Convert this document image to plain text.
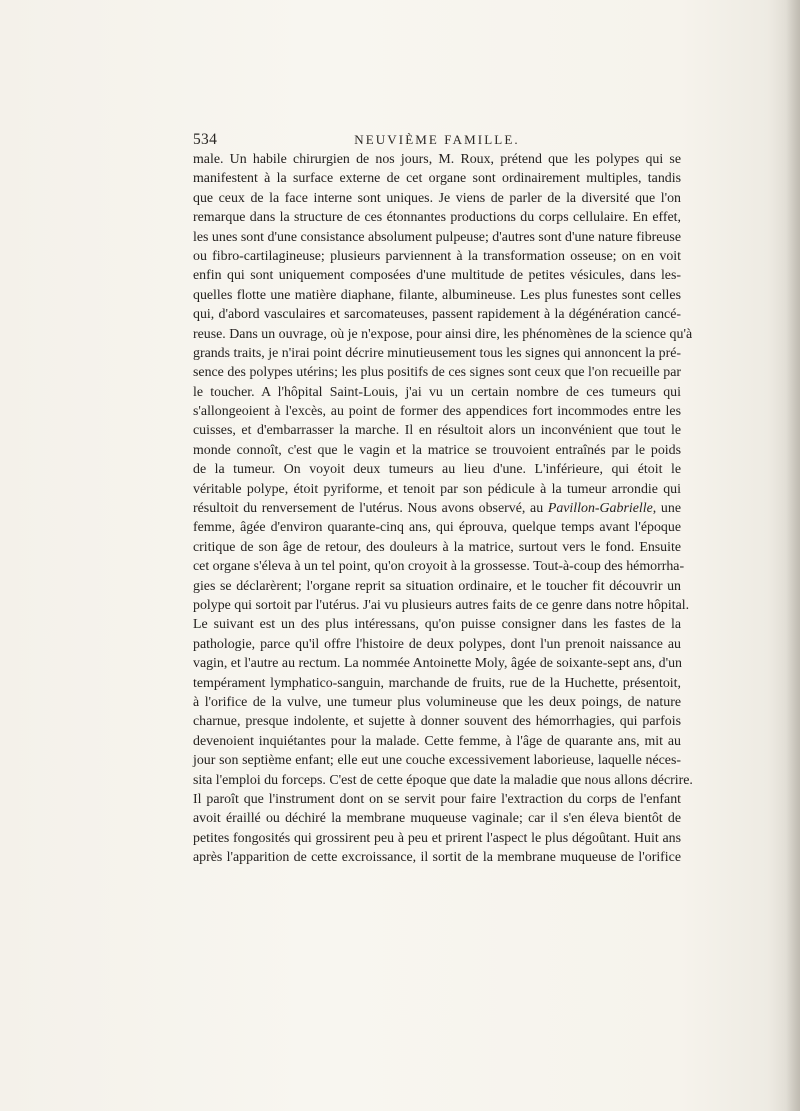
534	NEUVIÈME FAMILLE.
male. Un habile chirurgien de nos jours, M. Roux, prétend que les polypes qui se
manifestent à la surface externe de cet organe sont ordinairement multiples, tandis
que ceux de la face interne sont uniques. Je viens de parler de la diversité que l'on
remarque dans la structure de ces étonnantes productions du corps cellulaire. En effet,
les unes sont d'une consistance absolument pulpeuse; d'autres sont d'une nature fibreuse
ou fibro-cartilagineuse; plusieurs parviennent à la transformation osseuse; on en voit
enfin qui sont uniquement composées d'une multitude de petites vésicules, dans les-
quelles flotte une matière diaphane, filante, albumineuse. Les plus funestes sont celles
qui, d'abord vasculaires et sarcomateuses, passent rapidement à la dégénération cancé-
reuse. Dans un ouvrage, où je n'expose, pour ainsi dire, les phénomènes de la science qu'à
grands traits, je n'irai point décrire minutieusement tous les signes qui annoncent la pré-
sence des polypes utérins; les plus positifs de ces signes sont ceux que l'on recueille par
le toucher. A l'hôpital Saint-Louis, j'ai vu un certain nombre de ces tumeurs qui
s'allongeoient à l'excès, au point de former des appendices fort incommodes entre les
cuisses, et d'embarrasser la marche. Il en résultoit alors un inconvénient que tout le
monde connoît, c'est que le vagin et la matrice se trouvoient entraînés par le poids
de la tumeur. On voyoit deux tumeurs au lieu d'une. L'inférieure, qui étoit le
véritable polype, étoit pyriforme, et tenoit par son pédicule à la tumeur arrondie qui
résultoit du renversement de l'utérus. Nous avons observé, au Pavillon-Gabrielle, une
femme, âgée d'environ quarante-cinq ans, qui éprouva, quelque temps avant l'époque
critique de son âge de retour, des douleurs à la matrice, surtout vers le fond. Ensuite
cet organe s'éleva à un tel point, qu'on croyoit à la grossesse. Tout-à-coup des hémorrha-
gies se déclarèrent; l'organe reprit sa situation ordinaire, et le toucher fit découvrir un
polype qui sortoit par l'utérus. J'ai vu plusieurs autres faits de ce genre dans notre hôpital.
Le suivant est un des plus intéressans, qu'on puisse consigner dans les fastes de la
pathologie, parce qu'il offre l'histoire de deux polypes, dont l'un prenoit naissance au
vagin, et l'autre au rectum. La nommée Antoinette Moly, âgée de soixante-sept ans, d'un
tempérament lymphatico-sanguin, marchande de fruits, rue de la Huchette, présentoit,
à l'orifice de la vulve, une tumeur plus volumineuse que les deux poings, de nature
charnue, presque indolente, et sujette à donner souvent des hémorrhagies, qui parfois
devenoient inquiétantes pour la malade. Cette femme, à l'âge de quarante ans, mit au
jour son septième enfant; elle eut une couche excessivement laborieuse, laquelle néces-
sita l'emploi du forceps. C'est de cette époque que date la maladie que nous allons décrire.
Il paroît que l'instrument dont on se servit pour faire l'extraction du corps de l'enfant
avoit éraillé ou déchiré la membrane muqueuse vaginale; car il s'en éleva bientôt de
petites fongosités qui grossirent peu à peu et prirent l'aspect le plus dégoûtant. Huit ans
après l'apparition de cette excroissance, il sortit de la membrane muqueuse de l'orifice
